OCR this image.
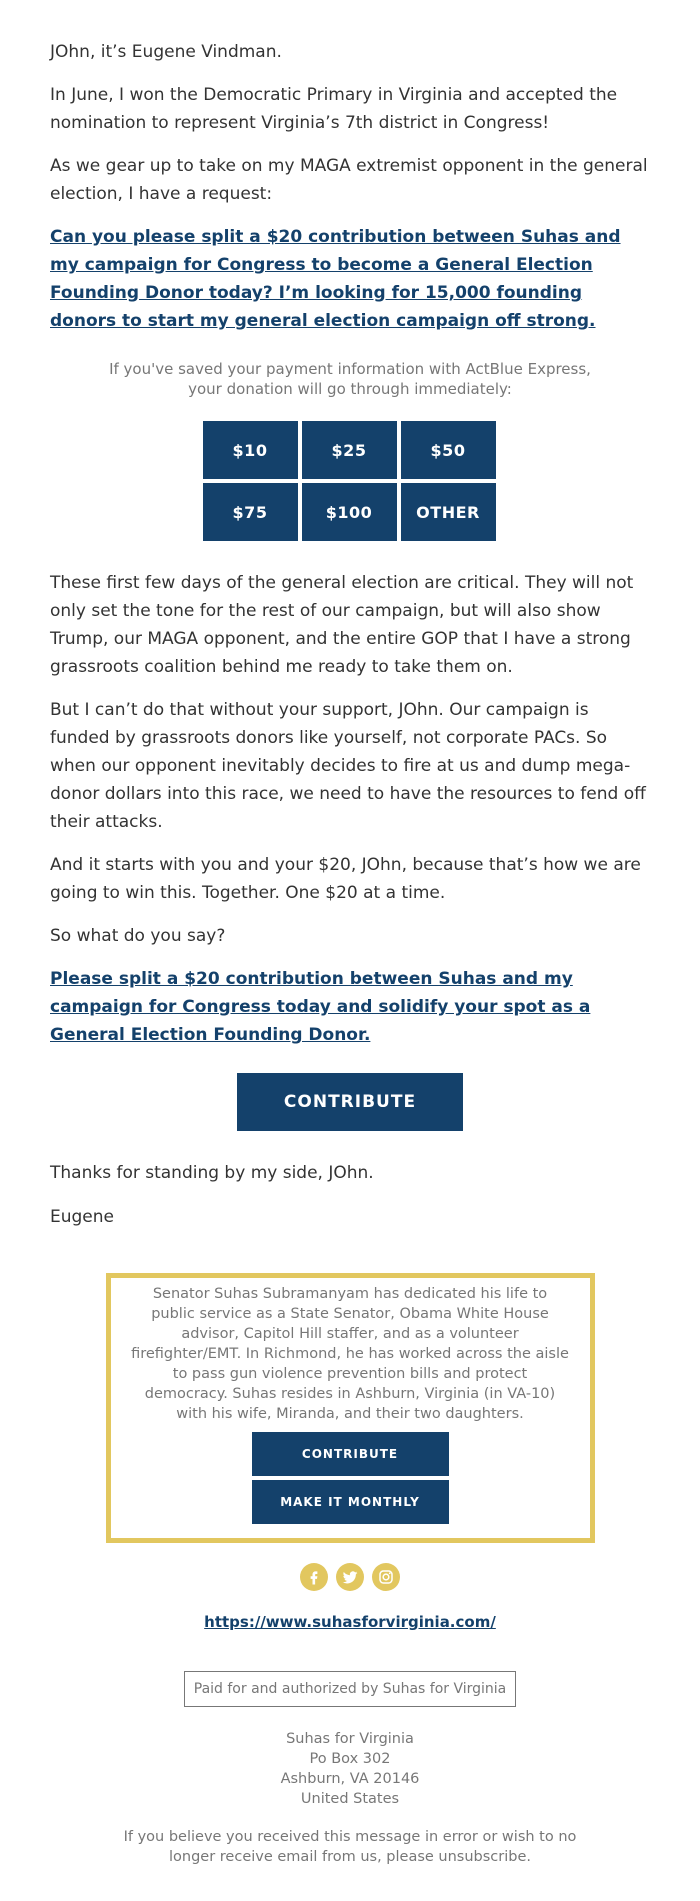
JOhn, it’s Eugene Vindman.

In June, I won the Democratic Primary in Virginia and accepted the nomination to represent Virginia’s 7th district in Congress!

As we gear up to take on my MAGA extremist opponent in the general election, I have a request:

Can you please split a $20 contribution between Suhas and my campaign for Congress to become a General Election Founding Donor today? I’m looking for 15,000 founding donors to start my general election campaign off strong.
If you've saved your payment information with ActBlue Express, your donation will go through immediately:
$10	$25	$50
$75	$100	OTHER

These first few days of the general election are critical. They will not only set the tone for the rest of our campaign, but will also show Trump, our MAGA opponent, and the entire GOP that I have a strong grassroots coalition behind me ready to take them on.

But I can’t do that without your support, JOhn. Our campaign is funded by grassroots donors like yourself, not corporate PACs. So when our opponent inevitably decides to fire at us and dump mega-donor dollars into this race, we need to have the resources to fend off their attacks.

And it starts with you and your $20, JOhn, because that’s how we are going to win this. Together. One $20 at a time.

So what do you say?

Please split a $20 contribution between Suhas and my campaign for Congress today and solidify your spot as a General Election Founding Donor.
CONTRIBUTE

Thanks for standing by my side, JOhn.

Eugene

Senator Suhas Subramanyam has dedicated his life to public service as a State Senator, Obama White House advisor, Capitol Hill staffer, and as a volunteer firefighter/EMT. In Richmond, he has worked across the aisle to pass gun violence prevention bills and protect democracy. Suhas resides in Ashburn, Virginia (in VA-10) with his wife, Miranda, and their two daughters.

CONTRIBUTE
MAKE IT MONTHLY
https://www.suhasforvirginia.com/
Paid for and authorized by Suhas for Virginia
Suhas for Virginia
Po Box 302
Ashburn, VA 20146
United States
If you believe you received this message in error or wish to no longer receive email from us, please unsubscribe.
